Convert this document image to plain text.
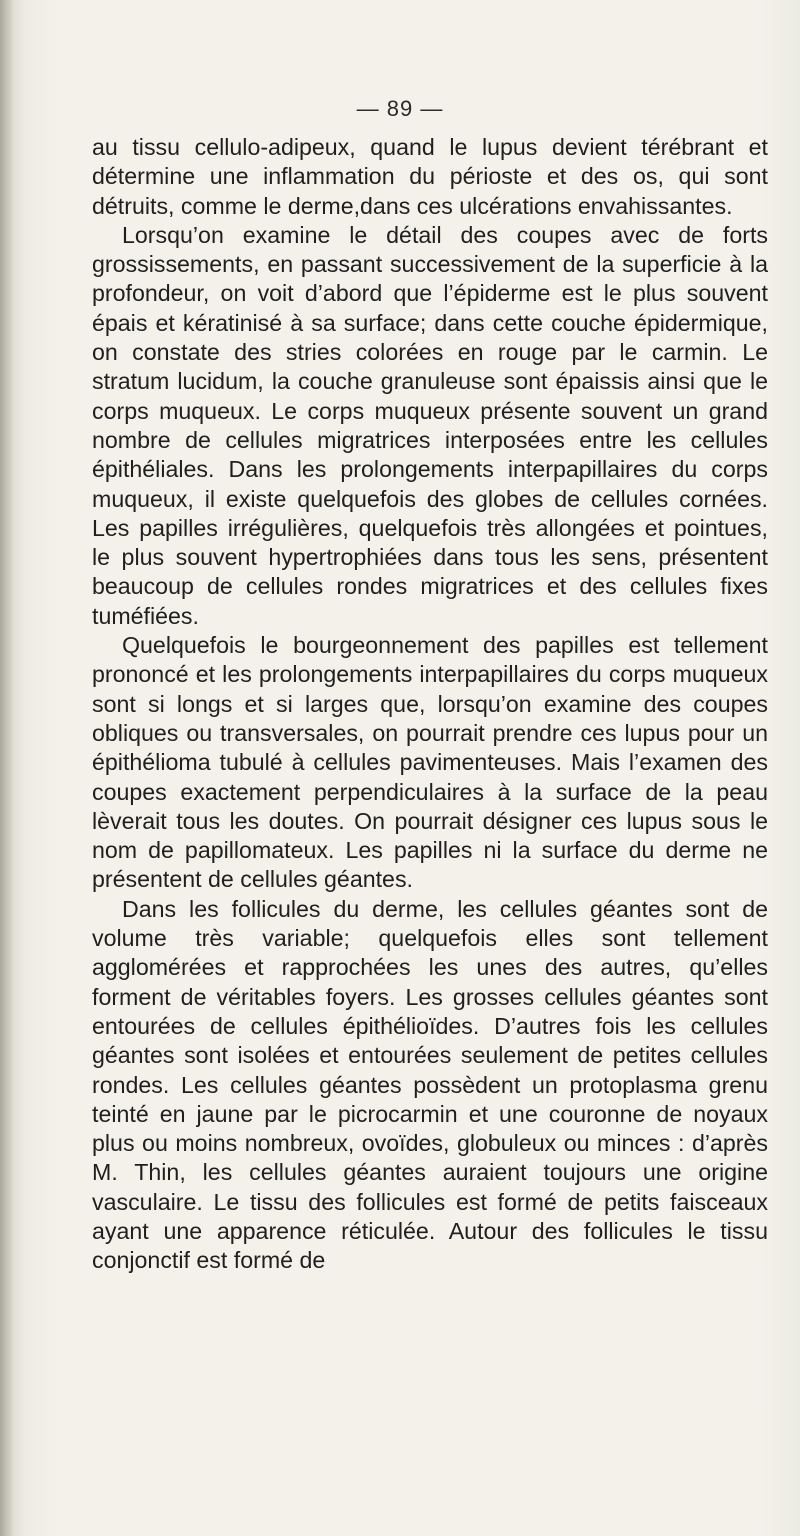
— 89 —

au tissu cellulo-adipeux, quand le lupus devient térébrant et détermine une inflammation du périoste et des os, qui sont détruits, comme le derme,dans ces ulcérations envahissantes.

Lorsqu’on examine le détail des coupes avec de forts grossissements, en passant successivement de la superficie à la profondeur, on voit d’abord que l’épiderme est le plus souvent épais et kératinisé à sa surface; dans cette couche épidermique, on constate des stries colorées en rouge par le carmin. Le stratum lucidum, la couche granuleuse sont épaissis ainsi que le corps muqueux. Le corps muqueux présente souvent un grand nombre de cellules migratrices interposées entre les cellules épithéliales. Dans les prolongements interpapillaires du corps muqueux, il existe quelquefois des globes de cellules cornées. Les papilles irrégulières, quelquefois très allongées et pointues, le plus souvent hypertrophiées dans tous les sens, présentent beaucoup de cellules rondes migratrices et des cellules fixes tuméfiées.

Quelquefois le bourgeonnement des papilles est tellement prononcé et les prolongements interpapillaires du corps muqueux sont si longs et si larges que, lorsqu’on examine des coupes obliques ou transversales, on pourrait prendre ces lupus pour un épithélioma tubulé à cellules pavimenteuses. Mais l’examen des coupes exactement perpendiculaires à la surface de la peau lèverait tous les doutes. On pourrait désigner ces lupus sous le nom de papillomateux. Les papilles ni la surface du derme ne présentent de cellules géantes.

Dans les follicules du derme, les cellules géantes sont de volume très variable; quelquefois elles sont tellement agglomérées et rapprochées les unes des autres, qu’elles forment de véritables foyers. Les grosses cellules géantes sont entourées de cellules épithélioïdes. D’autres fois les cellules géantes sont isolées et entourées seulement de petites cellules rondes. Les cellules géantes possèdent un protoplasma grenu teinté en jaune par le picrocarmin et une couronne de noyaux plus ou moins nombreux, ovoïdes, globuleux ou minces : d’après M. Thin, les cellules géantes auraient toujours une origine vasculaire. Le tissu des follicules est formé de petits faisceaux ayant une apparence réticulée. Autour des follicules le tissu conjonctif est formé de
